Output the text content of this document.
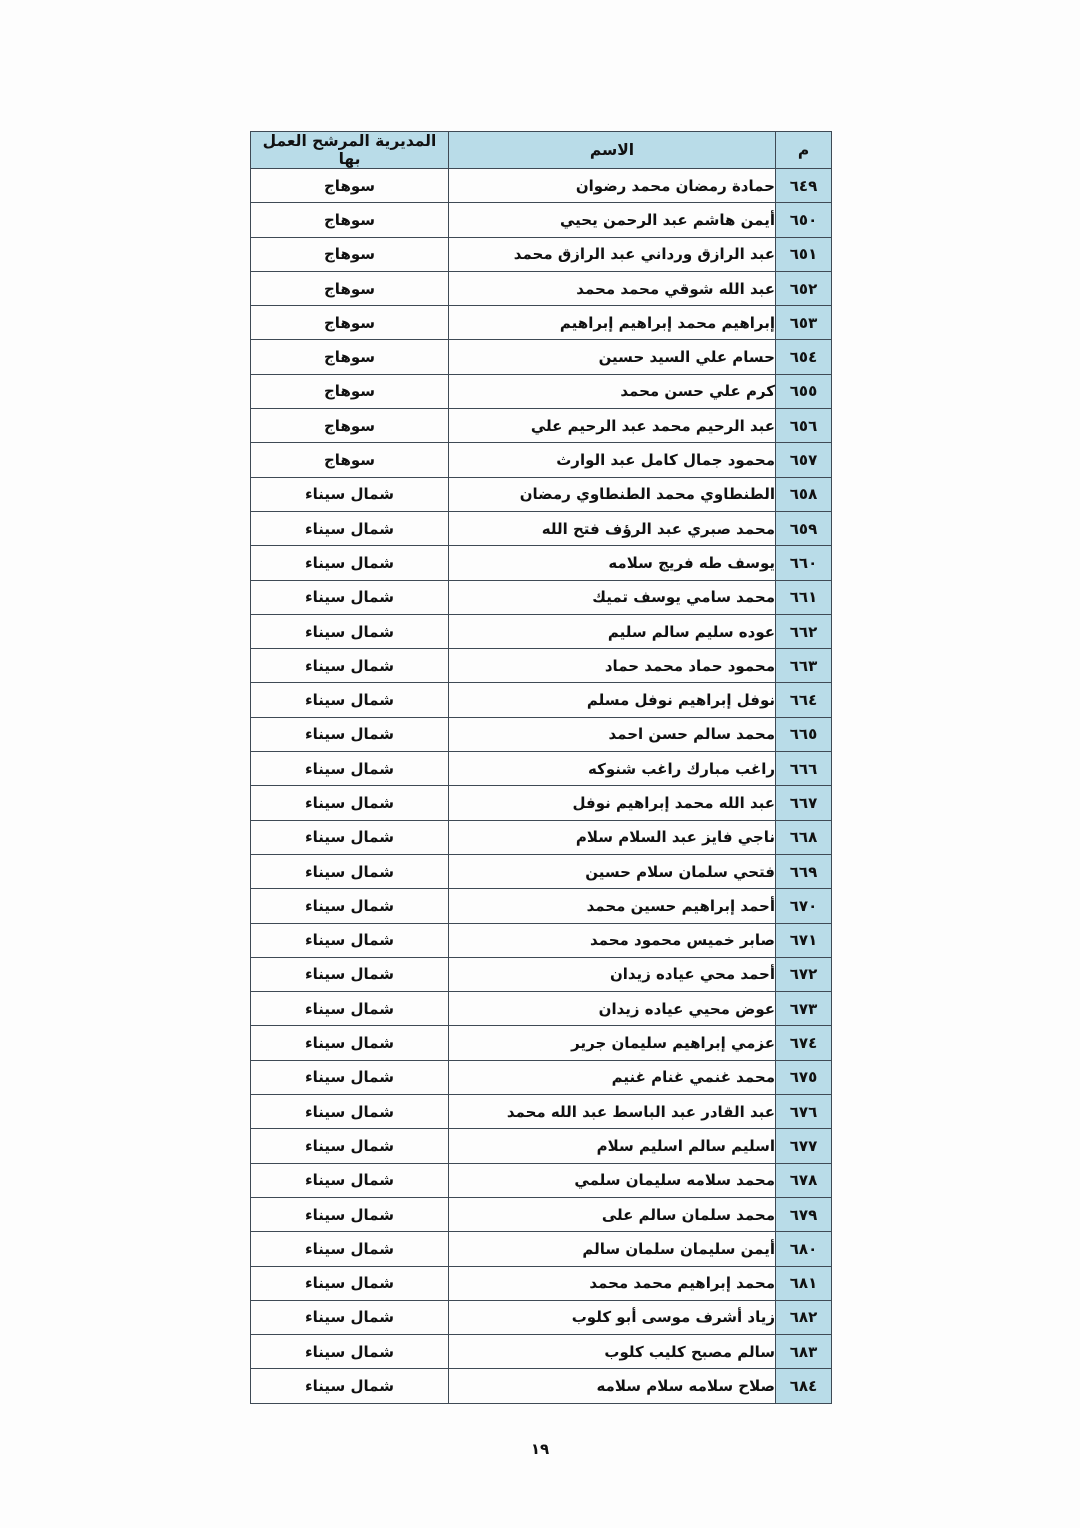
م	الاسم	المديرية المرشح العمل بها
٦٤٩	حمادة رمضان محمد رضوان	سوهاج
٦٥٠	أيمن هاشم عبد الرحمن يحيي	سوهاج
٦٥١	عبد الرازق ورداني عبد الرازق محمد	سوهاج
٦٥٢	عبد الله شوقي محمد محمد	سوهاج
٦٥٣	إبراهيم محمد إبراهيم إبراهيم	سوهاج
٦٥٤	حسام علي السيد حسين	سوهاج
٦٥٥	كرم علي حسن محمد	سوهاج
٦٥٦	عبد الرحيم محمد عبد الرحيم علي	سوهاج
٦٥٧	محمود جمال كامل عبد الوارث	سوهاج
٦٥٨	الطنطاوي محمد الطنطاوي رمضان	شمال سيناء
٦٥٩	محمد صبري عبد الرؤف فتح الله	شمال سيناء
٦٦٠	يوسف طه فريج سلامه	شمال سيناء
٦٦١	محمد سامي يوسف تميك	شمال سيناء
٦٦٢	عوده سليم سالم سليم	شمال سيناء
٦٦٣	محمود حماد محمد حماد	شمال سيناء
٦٦٤	نوفل إبراهيم نوفل مسلم	شمال سيناء
٦٦٥	محمد سالم حسن احمد	شمال سيناء
٦٦٦	راغب مبارك راغب شنوكه	شمال سيناء
٦٦٧	عبد الله محمد إبراهيم نوفل	شمال سيناء
٦٦٨	ناجي فايز عبد السلام سلام	شمال سيناء
٦٦٩	فتحي سلمان سلام حسين	شمال سيناء
٦٧٠	أحمد إبراهيم حسين محمد	شمال سيناء
٦٧١	صابر خميس محمود محمد	شمال سيناء
٦٧٢	أحمد محي عياده زيدان	شمال سيناء
٦٧٣	عوض محيي عياده زيدان	شمال سيناء
٦٧٤	عزمي إبراهيم سليمان جرير	شمال سيناء
٦٧٥	محمد غنمي غنام غنيم	شمال سيناء
٦٧٦	عبد القادر عبد الباسط عبد الله محمد	شمال سيناء
٦٧٧	اسليم سالم اسليم سلام	شمال سيناء
٦٧٨	محمد سلامه سليمان سلمي	شمال سيناء
٦٧٩	محمد سلمان سالم على	شمال سيناء
٦٨٠	أيمن سليمان سلمان سالم	شمال سيناء
٦٨١	محمد إبراهيم محمد محمد	شمال سيناء
٦٨٢	زياد أشرف موسى أبو كلوب	شمال سيناء
٦٨٣	سالم مصبح كليب كلوب	شمال سيناء
٦٨٤	صلاح سلامه سلام سلامه	شمال سيناء
١٩
